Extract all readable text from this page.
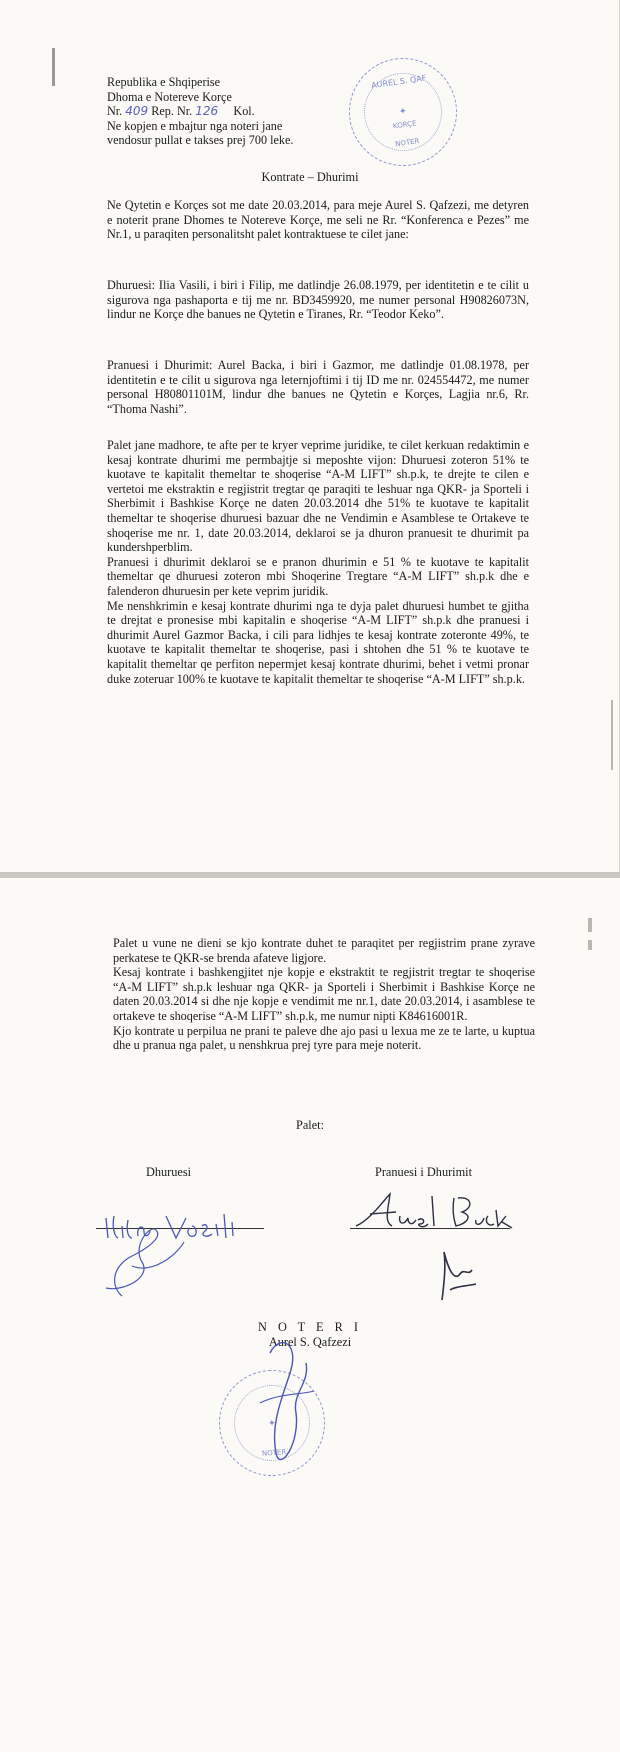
Republika e Shqiperise
Dhoma e Notereve Korçe
Nr. 409 Rep. Nr. 126 Kol.
Ne kopjen e mbajtur nga noteri jane
vendosur pullat e takses prej 700 leke.
AUREL S. QAF
✦
KORÇE
NOTER
Kontrate – Dhurimi
Ne Qytetin e Korçes sot me date 20.03.2014, para meje Aurel S. Qafzezi, me detyren e noterit prane Dhomes te Notereve Korçe, me seli ne Rr. “Konferenca e Pezes” me Nr.1, u paraqiten personalitsht palet kontraktuese te cilet jane:
Dhuruesi: Ilia Vasili, i biri i Filip, me datlindje 26.08.1979, per identitetin e te cilit u sigurova nga pashaporta e tij me nr. BD3459920, me numer personal H90826073N, lindur ne Korçe dhe banues ne Qytetin e Tiranes, Rr. “Teodor Keko”.
Pranuesi i Dhurimit: Aurel Backa, i biri i Gazmor, me datlindje 01.08.1978, per identitetin e te cilit u sigurova nga leternjoftimi i tij ID me nr. 024554472, me numer personal H80801101M, lindur dhe banues ne Qytetin e Korçes, Lagjia nr.6, Rr. “Thoma Nashi”.

Palet jane madhore, te afte per te kryer veprime juridike, te cilet kerkuan redaktimin e kesaj kontrate dhurimi me permbajtje si meposhte vijon: Dhuruesi zoteron 51% te kuotave te kapitalit themeltar te shoqerise “A-M LIFT” sh.p.k, te drejte te cilen e vertetoi me ekstraktin e regjistrit tregtar qe paraqiti te leshuar nga QKR- ja Sporteli i Sherbimit i Bashkise Korçe ne daten 20.03.2014 dhe 51% te kuotave te kapitalit themeltar te shoqerise dhuruesi bazuar dhe ne Vendimin e Asamblese te Ortakeve te shoqerise me nr. 1, date 20.03.2014, deklaroi se ja dhuron pranuesit te dhurimit pa kundershperblim.

Pranuesi i dhurimit deklaroi se e pranon dhurimin e 51 % te kuotave te kapitalit themeltar qe dhuruesi zoteron mbi Shoqerine Tregtare “A-M LIFT” sh.p.k dhe e falenderon dhuruesin per kete veprim juridik.

Me nenshkrimin e kesaj kontrate dhurimi nga te dyja palet dhuruesi humbet te gjitha te drejtat e pronesise mbi kapitalin e shoqerise “A-M LIFT” sh.p.k dhe pranuesi i dhurimit Aurel Gazmor Backa, i cili para lidhjes te kesaj kontrate zoteronte 49%, te kuotave te kapitalit themeltar te shoqerise, pasi i shtohen dhe 51 % te kuotave te kapitalit themeltar qe perfiton nepermjet kesaj kontrate dhurimi, behet i vetmi pronar duke zoteruar 100% te kuotave te kapitalit themeltar te shoqerise “A-M LIFT” sh.p.k.

Palet u vune ne dieni se kjo kontrate duhet te paraqitet per regjistrim prane zyrave perkatese te QKR-se brenda afateve ligjore.

Kesaj kontrate i bashkengjitet nje kopje e ekstraktit te regjistrit tregtar te shoqerise “A-M LIFT” sh.p.k leshuar nga QKR- ja Sporteli i Sherbimit i Bashkise Korçe ne daten 20.03.2014 si dhe nje kopje e vendimit me nr.1, date 20.03.2014, i asamblese te ortakeve te shoqerise “A-M LIFT” sh.p.k, me numur nipti K84616001R.

Kjo kontrate u perpilua ne prani te paleve dhe ajo pasi u lexua me ze te larte, u kuptua dhe u pranua nga palet, u nenshkrua prej tyre para meje noterit.

Palet:
Dhuruesi	Pranuesi i Dhurimit
N O T E R I
Aurel S. Qafzezi
✦
NOTER
